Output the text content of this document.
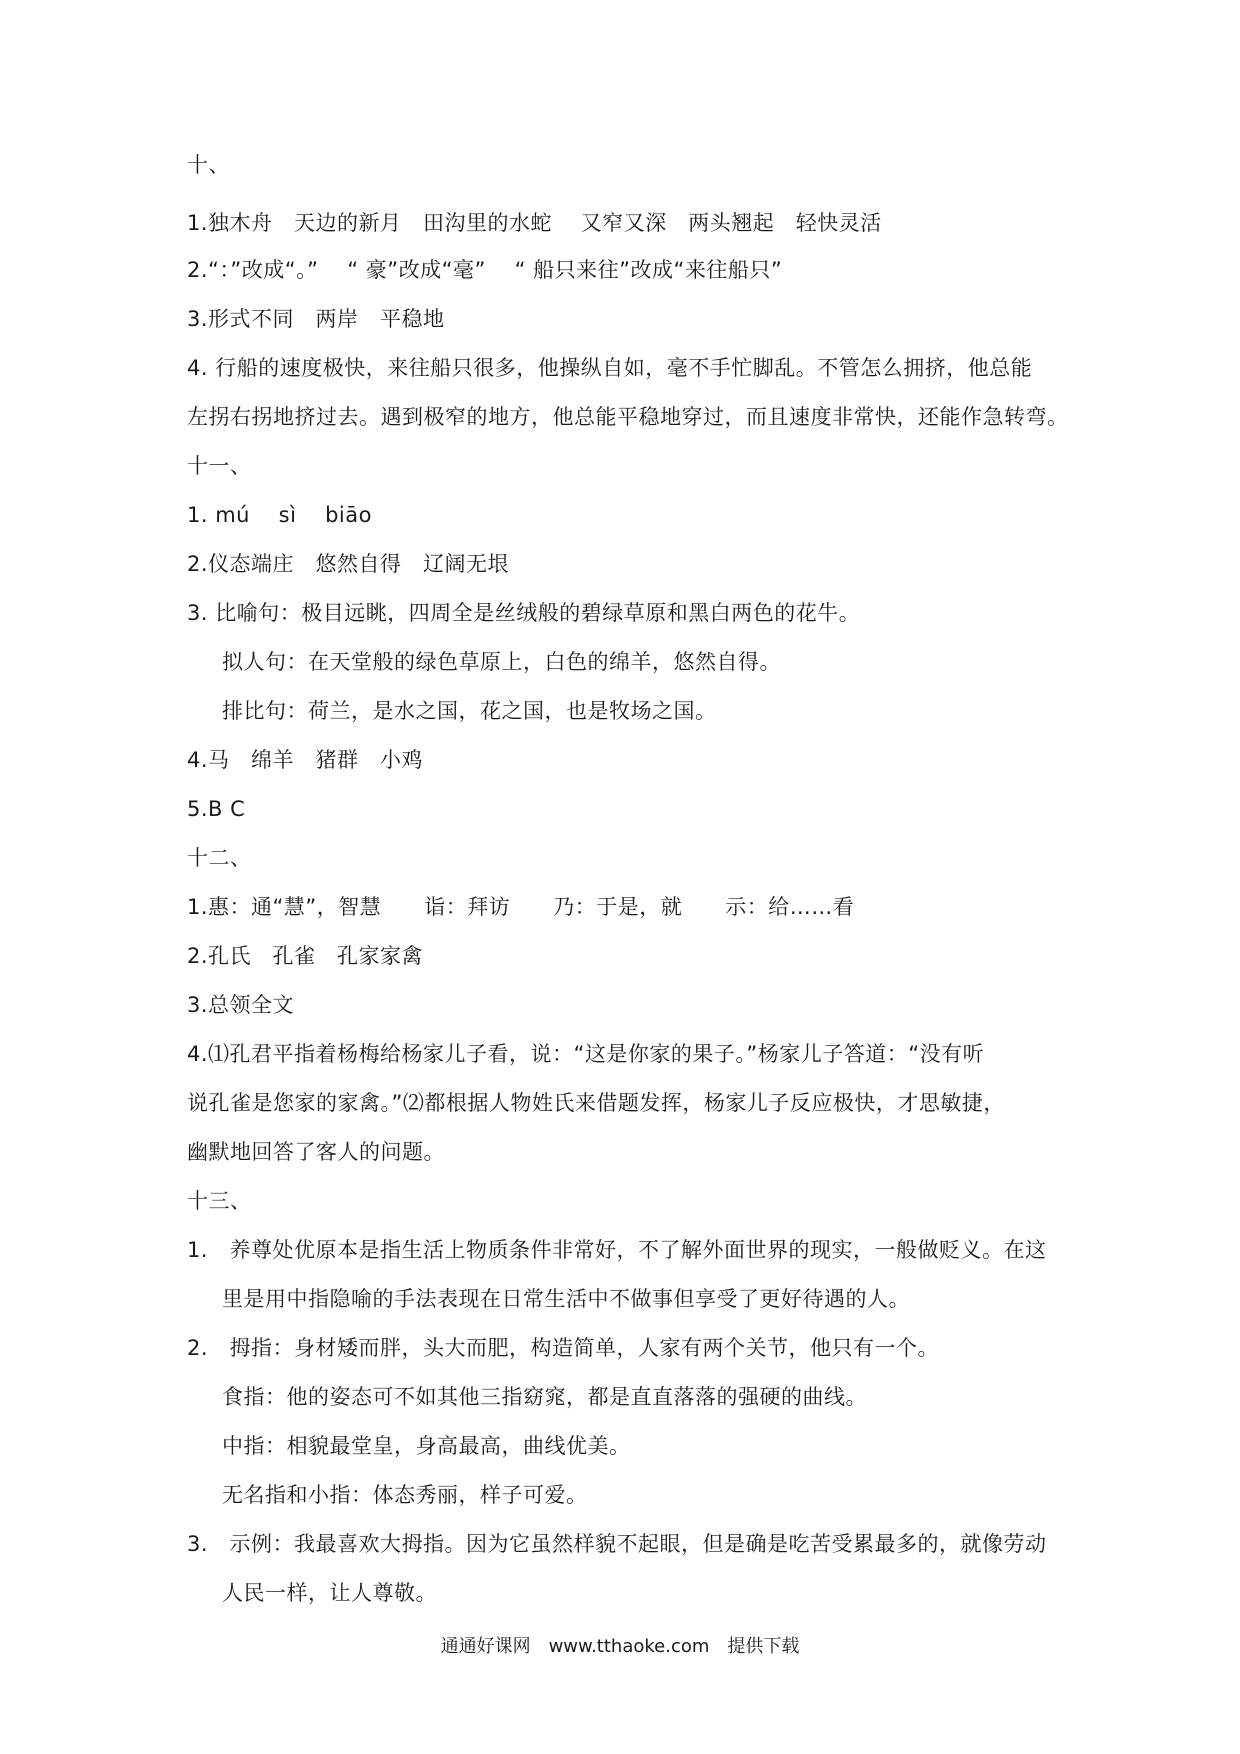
十、
1.独木舟　天边的新月　田沟里的水蛇　 又窄又深　两头翘起　轻快灵活
2.“：”改成“。”　 “ 豪”改成“毫”　 “ 船只来往”改成“来往船只”
3.形式不同　两岸　平稳地
4. 行船的速度极快，来往船只很多，他操纵自如，毫不手忙脚乱。不管怎么拥挤，他总能
左拐右拐地挤过去。遇到极窄的地方，他总能平稳地穿过，而且速度非常快，还能作急转弯。
十一、
1. mú　 sì　 biāo
2.仪态端庄　悠然自得　辽阔无垠
3. 比喻句：极目远眺，四周全是丝绒般的碧绿草原和黑白两色的花牛。
拟人句：在天堂般的绿色草原上，白色的绵羊，悠然自得。
排比句：荷兰，是水之国，花之国，也是牧场之国。
4.马　绵羊　猪群　小鸡
5.B C
十二、
1.惠：通“慧”，智慧　　诣：拜访　　乃：于是，就　　示：给……看
2.孔氏　孔雀　孔家家禽
3.总领全文
4.⑴孔君平指着杨梅给杨家儿子看，说：“这是你家的果子。”杨家儿子答道：“没有听
说孔雀是您家的家禽。”⑵都根据人物姓氏来借题发挥，杨家儿子反应极快，才思敏捷，
幽默地回答了客人的问题。
十三、
1.　养尊处优原本是指生活上物质条件非常好，不了解外面世界的现实，一般做贬义。在这
里是用中指隐喻的手法表现在日常生活中不做事但享受了更好待遇的人。
2.　拇指：身材矮而胖，头大而肥，构造简单，人家有两个关节，他只有一个。
食指：他的姿态可不如其他三指窈窕，都是直直落落的强硬的曲线。
中指：相貌最堂皇，身高最高，曲线优美。
无名指和小指：体态秀丽，样子可爱。
3.　示例：我最喜欢大拇指。因为它虽然样貌不起眼，但是确是吃苦受累最多的，就像劳动
人民一样，让人尊敬。
通通好课网　www.tthaoke.com　提供下载
